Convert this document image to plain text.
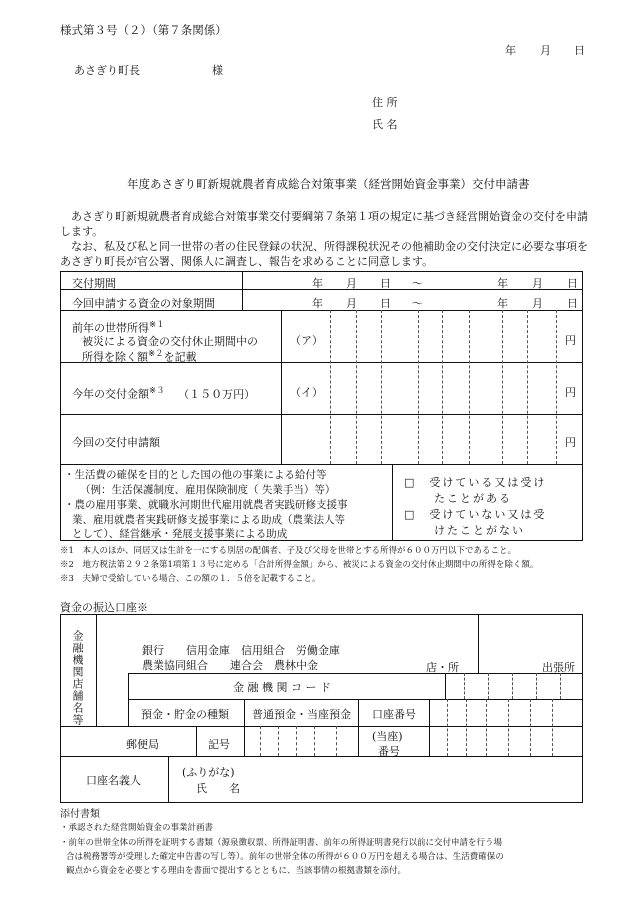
様式第３号（２）（第７条関係）
年 月 日
あさぎり町長	様
住 所
氏 名
年度あさぎり町新規就農者育成総合対策事業（経営開始資金事業）交付申請書
あさぎり町新規就農者育成総合対策事業交付要綱第７条第１項の規定に基づき経営開始資金の交付を申請します。
なお、私及び私と同一世帯の者の住民登録の状況、所得課税状況その他補助金の交付決定に必要な事項をあさぎり町長が官公署、関係人に調査し、報告を求めることに同意します。
交付期間	年 月 日 ～	年 月 日
今回申請する資金の対象期間	年 月 日 ～	年 月 日
前年の世帯所得$^{※1}$
被災による資金の交付休止期間中の
所得を除く額$^{※2}$を記載
（ア）	円
今年の交付金額$^{※3}$ （１５０万円）	（イ）	円
今回の交付申請額	円
・生活費の確保を目的とした国の他の事業による給付等
（例：生活保護制度、雇用保険制度（ 失業手当）等）
・農の雇用事業、就職氷河期世代雇用就農者実践研修支援事
業、雇用就農者実践研修支援事業による助成（農業法人等
として）、経営継承・発展支援事業による助成
□　受けている又は受け
たことがある
□　受けていない又は受
けたことがない
※1　 本人のほか、同居又は生計を一にする別居の配偶者、子及び父母を世帯とする所得が６００万円以下であること。
※2　 地方税法第２９２条第1項第１３号に定める「合計所得金額」から、被災による資金の交付休止期間中の所得を除く額。
※3　 夫婦で受給している場合、この額の１．５倍を記載すること。
資金の振込口座※
金融機関店舗名等	銀行　　信用金庫　信用組合　労働金庫
農業協同組合　　連合会　農林中金	店・所	出張所
金 融 機 関 コ ー ド
預金・貯金の種類 普通預金・当座預金 口座番号
郵便局	記号
(当座)
番号
口座名義人
(ふりがな)
氏　　名
添付書類
・承認された経営開始資金の事業計画書
・前年の世帯全体の所得を証明する書類（源泉徴収票、所得証明書、前年の所得証明書発行以前に交付申請を行う場
合は税務署等が受理した確定申告書の写し等）。前年の世帯全体の所得が６００万円を超える場合は、生活費確保の
観点から資金を必要とする理由を書面で提出するとともに、当該事情の根拠書類を添付。
